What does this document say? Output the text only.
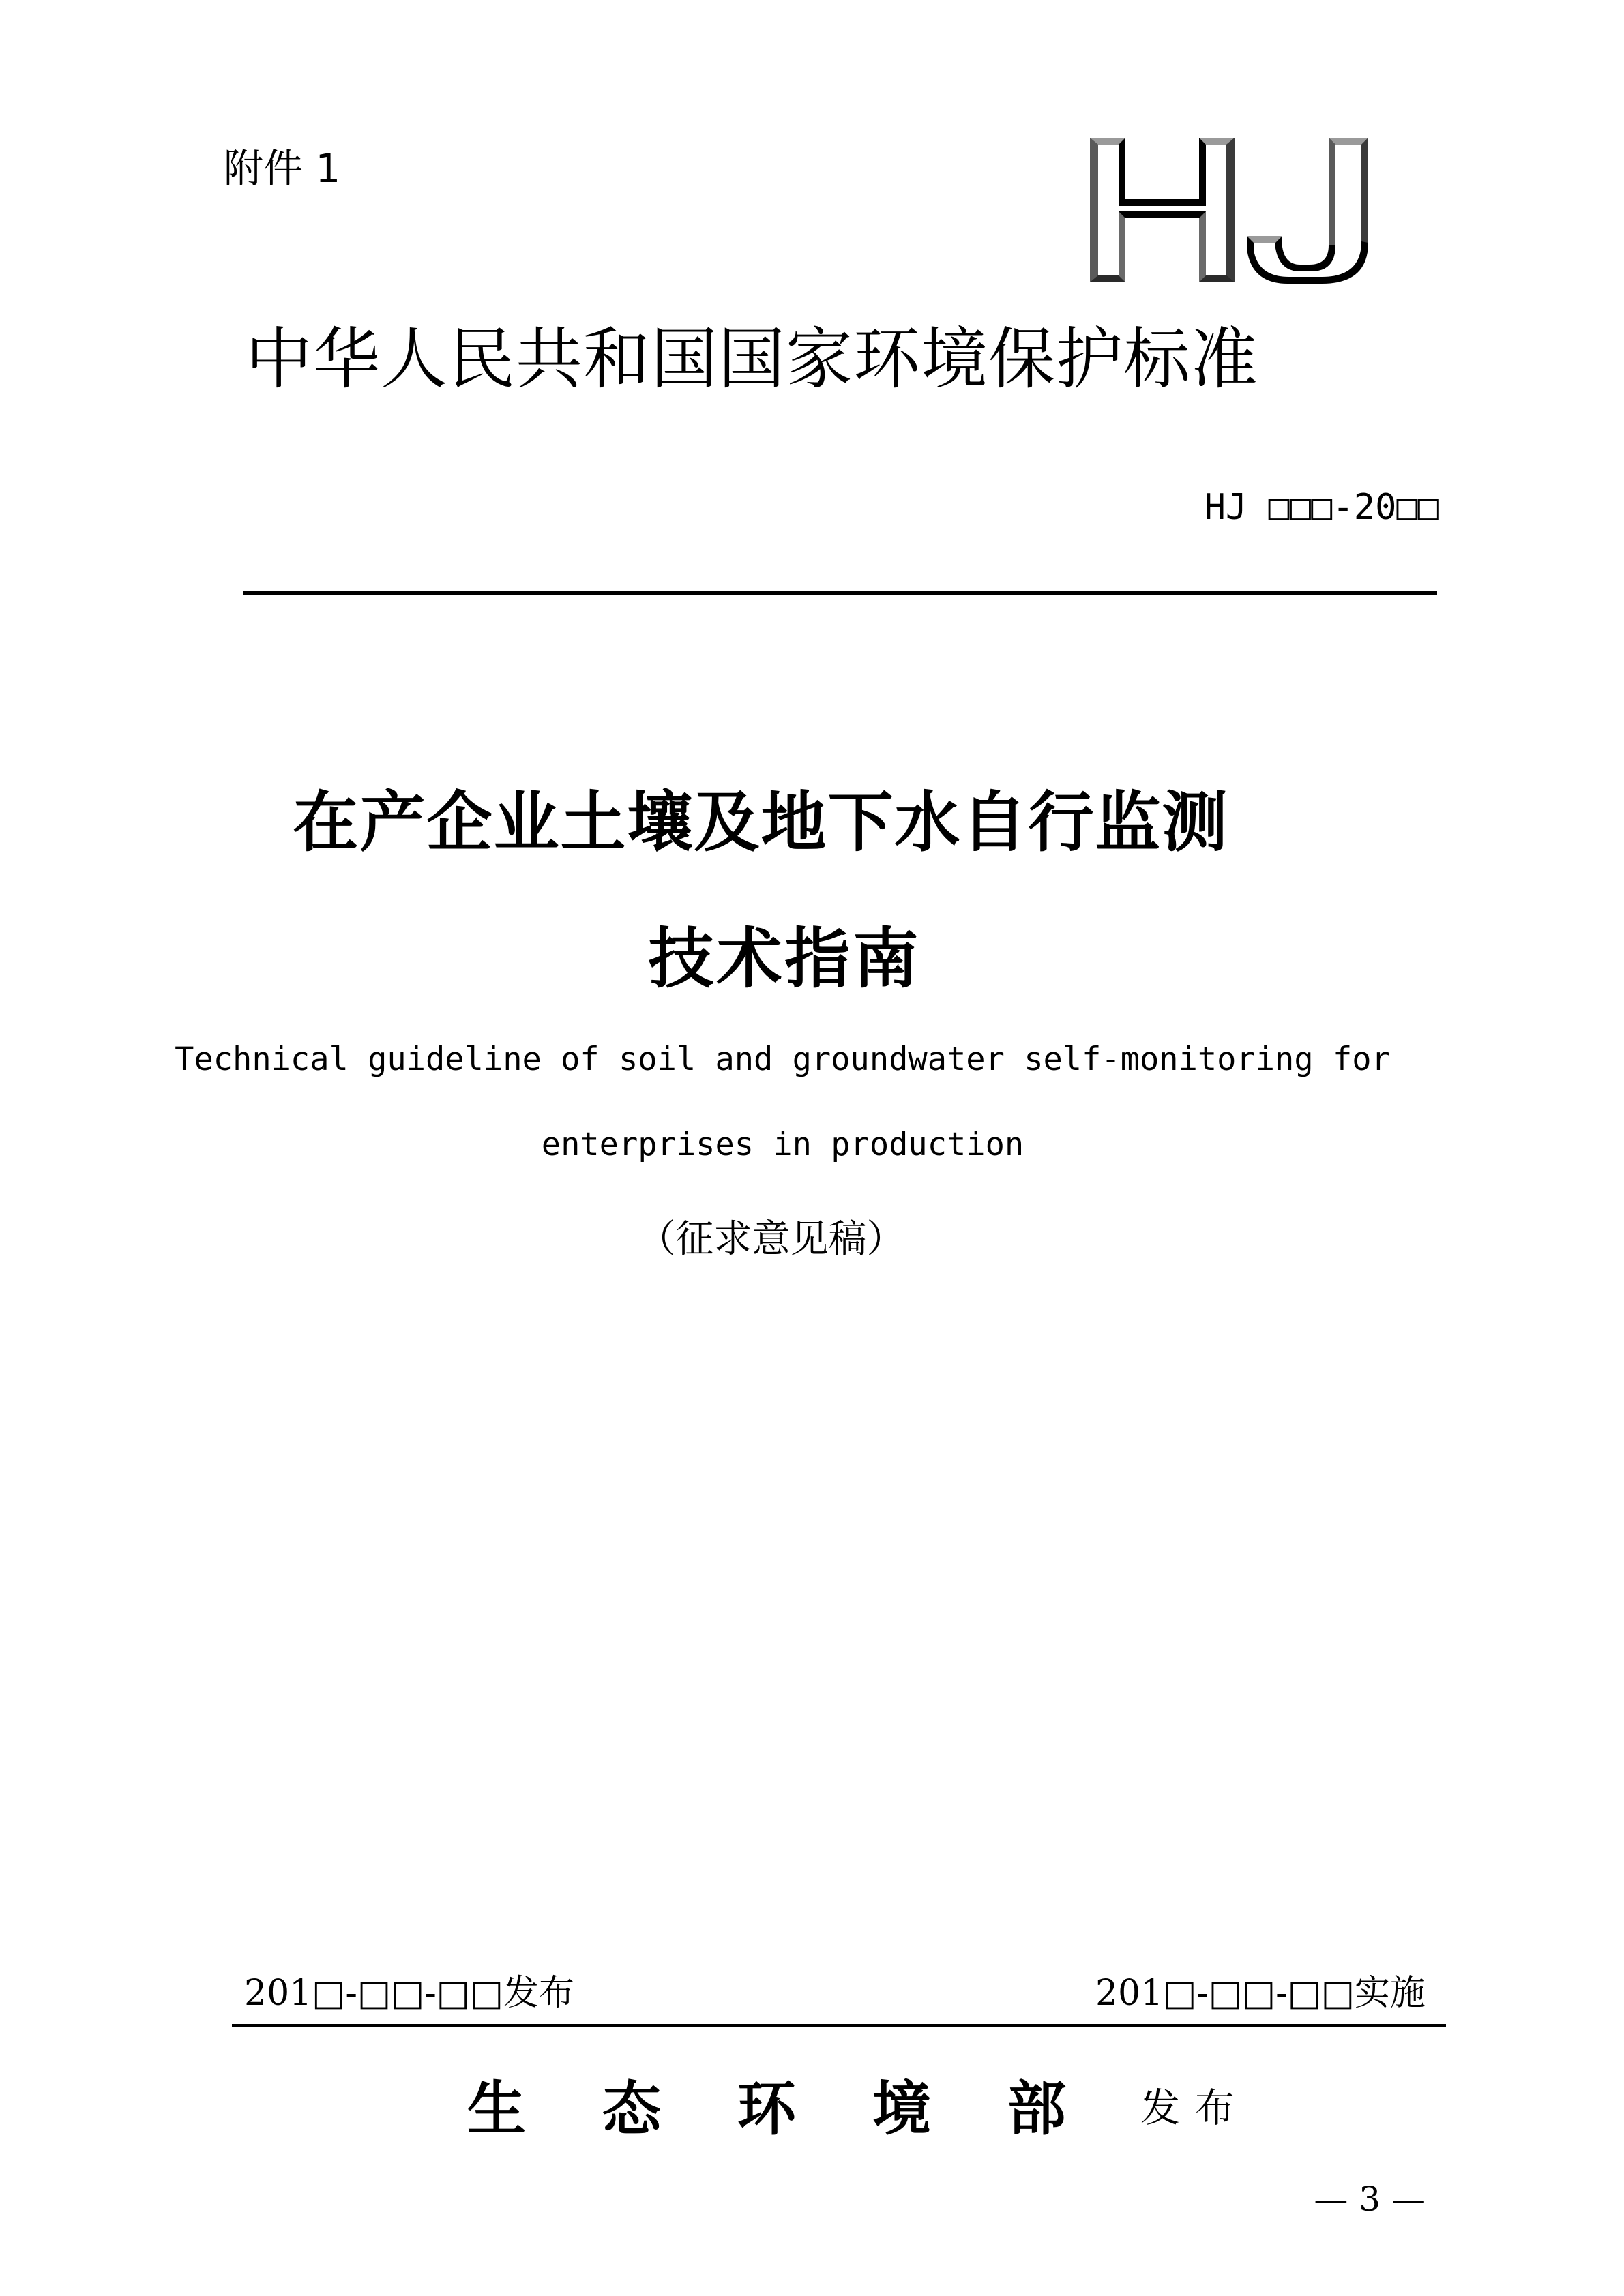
附件 1
中华人民共和国国家环境保护标准
HJ □□□-20□□
在产企业土壤及地下水自行监测
技术指南
Technical guideline of soil and groundwater self-monitoring for
enterprises in production
（征求意见稿）
201□-□□-□□发布	201□-□□-□□实施
生态环境部
发布
— 3 —
